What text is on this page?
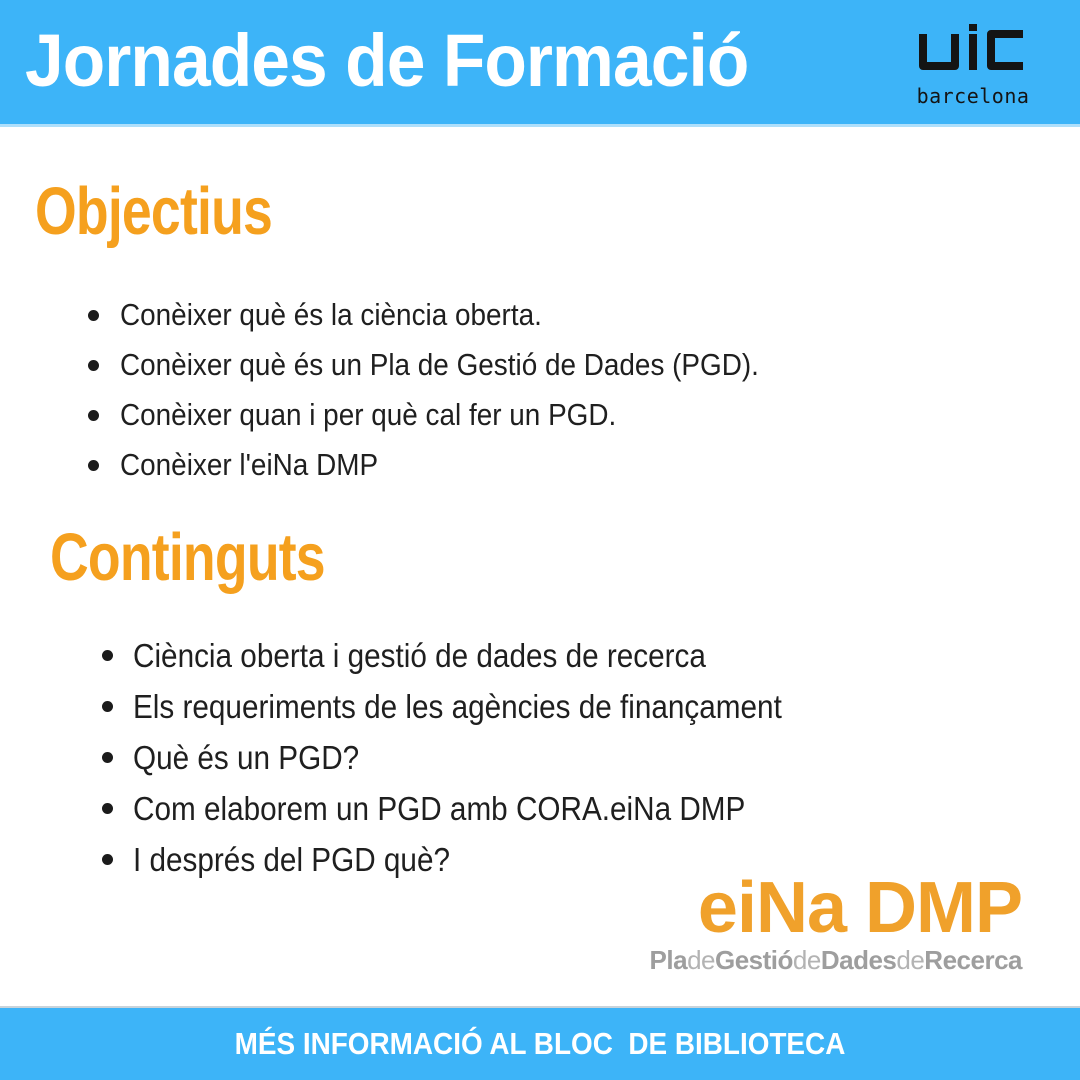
Jornades de Formació	barcelona
Objectius
Conèixer què és la ciència oberta.
Conèixer què és un Pla de Gestió de Dades (PGD).
Conèixer quan i per què cal fer un PGD.
Conèixer l'eiNa DMP
Continguts
Ciència oberta i gestió de dades de recerca
Els requeriments de les agències de finançament
Què és un PGD?
Com elaborem un PGD amb CORA.eiNa DMP
I després del PGD què?
eiNa DMP
PladeGestiódeDadesdeRecerca
MÉS INFORMACIÓ AL BLOC  DE BIBLIOTECA
